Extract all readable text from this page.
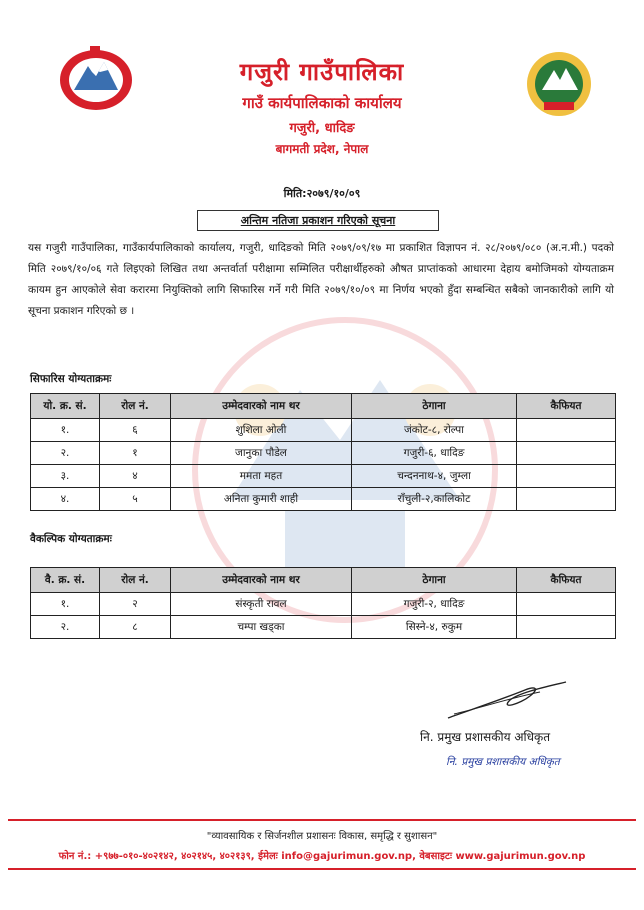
गजुरी गाउँपालिका
गाउँ कार्यपालिकाको कार्यालय
गजुरी, धादिङ
बागमती प्रदेश, नेपाल
मिति:२०७९/१०/०९
अन्तिम नतिजा प्रकाशन गरिएको सूचना
यस गजुरी गाउँपालिका, गाउँकार्यपालिकाको कार्यालय, गजुरी, धादिङको मिति २०७९/०९/१७ मा प्रकाशित विज्ञापन नं. २८/२०७९/०८० (अ.न.मी.) पदको मिति २०७९/१०/०६ गते लिइएको लिखित तथा अन्तर्वार्ता परीक्षामा सम्मिलित परीक्षार्थीहरुको औषत प्राप्तांकको आधारमा देहाय बमोजिमको योग्यताक्रम कायम हुन आएकोले सेवा करारमा नियुक्तिको लागि सिफारिस गर्ने गरी मिति २०७९/१०/०९ मा निर्णय भएको हुँदा सम्बन्धित सबैको जानकारीको लागि यो सूचना प्रकाशन गरिएको छ ।
सिफारिस योग्यताक्रमः
यो. क्र. सं.	रोल नं.	उम्मेदवारको नाम थर	ठेगाना	कैफियत
१.	६	शुशिला ओली	जंकोट-८, रोल्पा	
२.	१	जानुका पौडेल	गजुरी-६, धादिङ	
३.	४	ममता महत	चन्दननाथ-४, जुम्ला	
४.	५	अनिता कुमारी शाही	राँचुली-२,कालिकोट	
वैकल्पिक योग्यताक्रमः
वै. क्र. सं.	रोल नं.	उम्मेदवारको नाम थर	ठेगाना	कैफियत
१.	२	संस्कृती रावल	गजुरी-२, धादिङ	
२.	८	चम्पा खड्का	सिस्ने-४, रुकुम	
नि. प्रमुख प्रशासकीय अधिकृत
नि. प्रमुख प्रशासकीय अधिकृत
"व्यावसायिक र सिर्जनशील प्रशासनः विकास, समृद्धि र सुशासन"
फोन नं.: +९७७-०१०-४०२१४२, ४०२१४५, ४०२१३९, ईमेलः info@gajurimun.gov.np, वेबसाइटः www.gajurimun.gov.np
